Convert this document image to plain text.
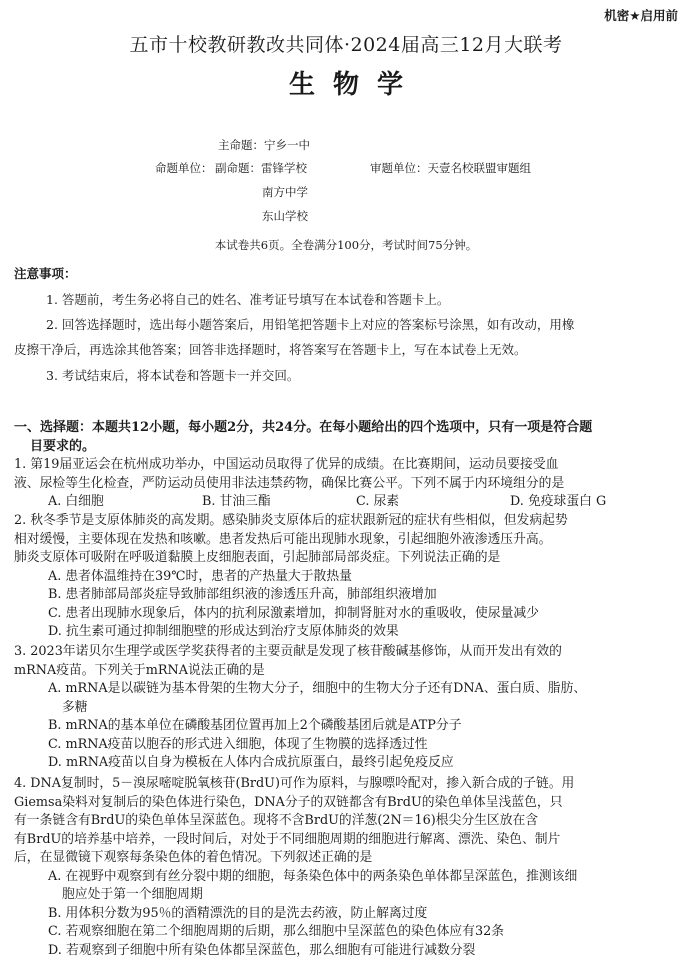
机密★启用前
五市十校教研教改共同体·2024届高三12月大联考
生物学
主命题：宁乡一中
命题单位： 副命题：雷锋学校
南方中学
东山学校
审题单位：天壹名校联盟审题组
本试卷共6页。全卷满分100分，考试时间75分钟。
注意事项：
1. 答题前，考生务必将自己的姓名、准考证号填写在本试卷和答题卡上。
2. 回答选择题时，选出每小题答案后，用铅笔把答题卡上对应的答案标号涂黑，如有改动，用橡
皮擦干净后，再选涂其他答案；回答非选择题时，将答案写在答题卡上，写在本试卷上无效。
3. 考试结束后，将本试卷和答题卡一并交回。
一、选择题：本题共12小题，每小题2分，共24分。在每小题给出的四个选项中，只有一项是符合题
目要求的。
1. 第19届亚运会在杭州成功举办，中国运动员取得了优异的成绩。在比赛期间，运动员要接受血
液、尿检等生化检查，严防运动员使用非法违禁药物，确保比赛公平。下列不属于内环境组分的是
A. 白细胞	B. 甘油三酯	C. 尿素	D. 免疫球蛋白 G
2. 秋冬季节是支原体肺炎的高发期。感染肺炎支原体后的症状跟新冠的症状有些相似，但发病起势
相对缓慢，主要体现在发热和咳嗽。患者发热后可能出现肺水现象，引起细胞外液渗透压升高。
肺炎支原体可吸附在呼吸道黏膜上皮细胞表面，引起肺部局部炎症。下列说法正确的是
A. 患者体温维持在39℃时，患者的产热量大于散热量
B. 患者肺部局部炎症导致肺部组织液的渗透压升高，肺部组织液增加
C. 患者出现肺水现象后，体内的抗利尿激素增加，抑制肾脏对水的重吸收，使尿量减少
D. 抗生素可通过抑制细胞壁的形成达到治疗支原体肺炎的效果
3. 2023年诺贝尔生理学或医学奖获得者的主要贡献是发现了核苷酸碱基修饰，从而开发出有效的
mRNA疫苗。下列关于mRNA说法正确的是
A. mRNA是以碳链为基本骨架的生物大分子，细胞中的生物大分子还有DNA、蛋白质、脂肪、
多糖
B. mRNA的基本单位在磷酸基团位置再加上2个磷酸基团后就是ATP分子
C. mRNA疫苗以胞吞的形式进入细胞，体现了生物膜的选择透过性
D. mRNA疫苗以自身为模板在人体内合成抗原蛋白，最终引起免疫反应
4. DNA复制时，5－溴尿嘧啶脱氧核苷(BrdU)可作为原料，与腺嘌呤配对，掺入新合成的子链。用
Giemsa染料对复制后的染色体进行染色，DNA分子的双链都含有BrdU的染色单体呈浅蓝色，只
有一条链含有BrdU的染色单体呈深蓝色。现将不含BrdU的洋葱(2N＝16)根尖分生区放在含
有BrdU的培养基中培养，一段时间后，对处于不同细胞周期的细胞进行解离、漂洗、染色、制片
后，在显微镜下观察每条染色体的着色情况。下列叙述正确的是
A. 在视野中观察到有丝分裂中期的细胞，每条染色体中的两条染色单体都呈深蓝色，推测该细
胞应处于第一个细胞周期
B. 用体积分数为95％的酒精漂洗的目的是洗去药液，防止解离过度
C. 若观察细胞在第二个细胞周期的后期，那么细胞中呈深蓝色的染色体应有32条
D. 若观察到子细胞中所有染色体都呈深蓝色，那么细胞有可能进行减数分裂
